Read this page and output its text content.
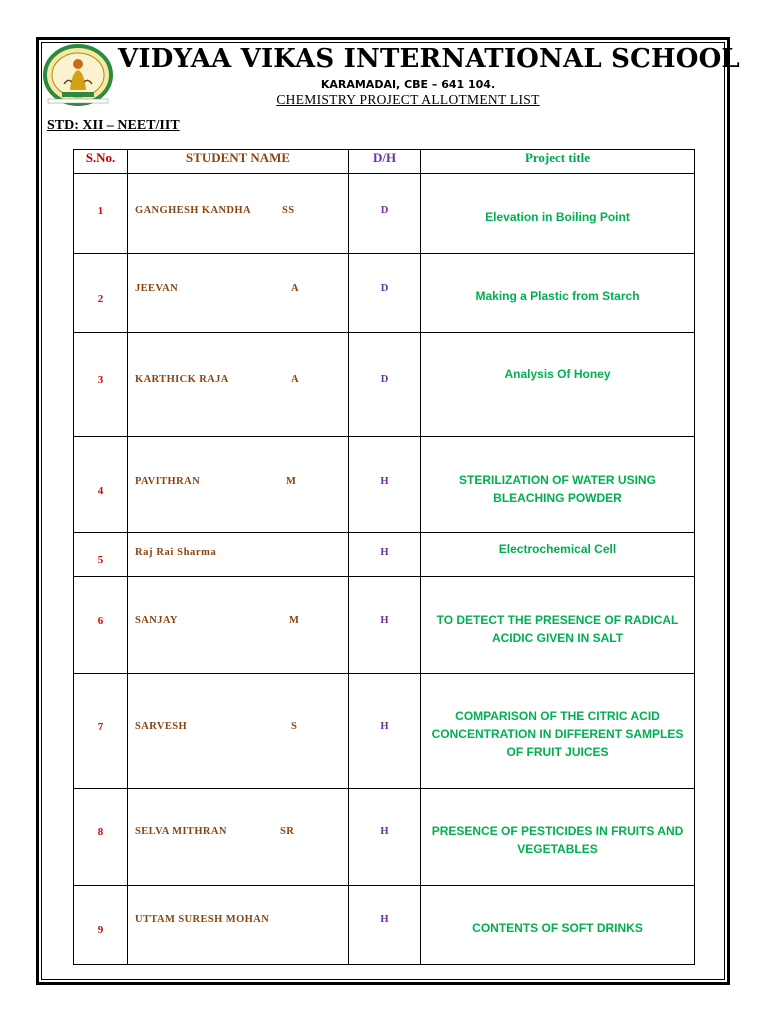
VIDYAA VIKAS INTERNATIONAL SCHOOL
KARAMADAI, CBE – 641 104.
CHEMISTRY PROJECT ALLOTMENT LIST
STD: XII – NEET/IIT
S.No.	STUDENT NAME	D/H	Project title

1	GANGHESH KANDHA SS	D	Elevation in Boiling Point

2	JEEVAN A	D	Making a Plastic from Starch

3	KARTHICK RAJA A	D	Analysis Of Honey

4	PAVITHRAN M	H	STERILIZATION OF WATER USING BLEACHING POWDER

5	Raj Rai Sharma	H	Electrochemical Cell

6	SANJAY M	H	TO DETECT THE PRESENCE OF RADICAL ACIDIC GIVEN IN SALT

7	SARVESH S	H	COMPARISON OF THE CITRIC ACID CONCENTRATION IN DIFFERENT SAMPLES OF FRUIT JUICES

8	SELVA MITHRAN SR	H	PRESENCE OF PESTICIDES IN FRUITS AND VEGETABLES

9	UTTAM SURESH MOHAN	H	CONTENTS OF SOFT DRINKS
